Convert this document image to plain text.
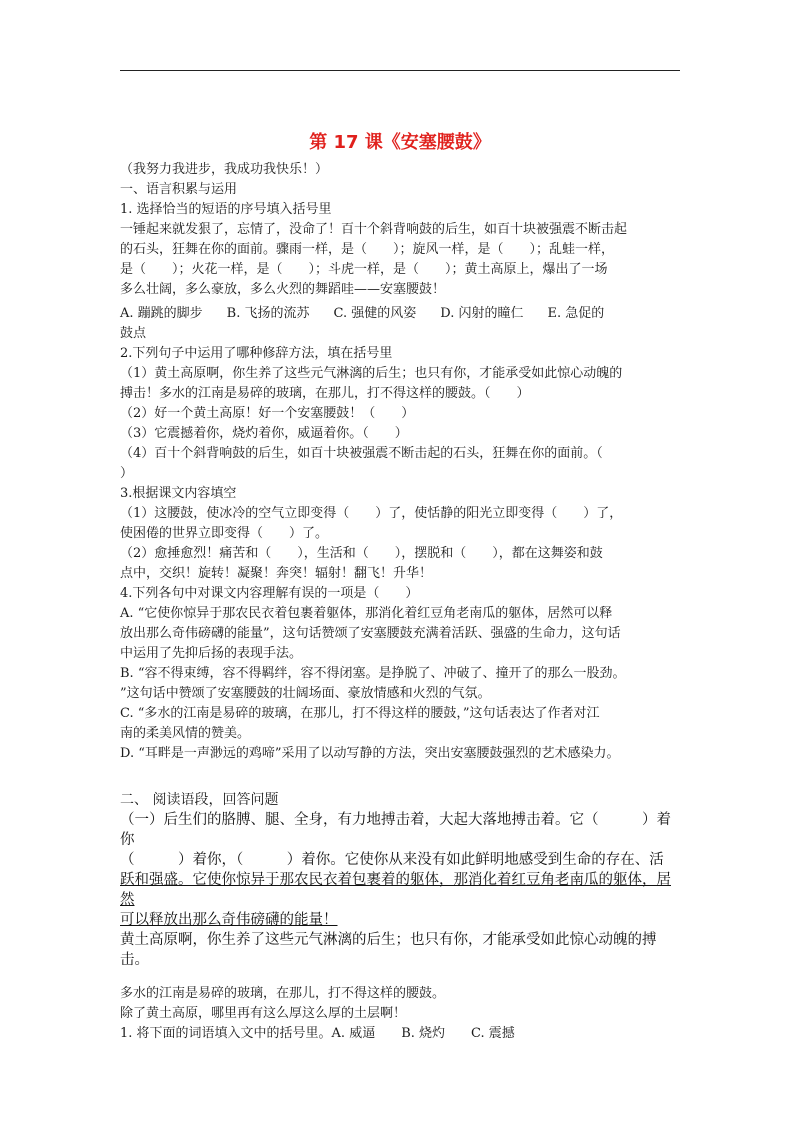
第 17 课《安塞腰鼓》

（我努力我进步，我成功我快乐！）

一、语言积累与运用

1. 选择恰当的短语的序号填入括号里

一锤起来就发狠了，忘情了，没命了！百十个斜背响鼓的后生，如百十块被强震不断击起

的石头，狂舞在你的面前。骤雨一样，是（　　）；旋风一样，是（　　）；乱蛙一样，

是（　　）；火花一样，是（　　）；斗虎一样，是（　　）；黄土高原上，爆出了一场

多么壮阔，多么豪放，多么火烈的舞蹈哇——安塞腰鼓！

A. 蹦跳的脚步 B. 飞扬的流苏 C. 强健的风姿 D. 闪射的瞳仁 E. 急促的

鼓点

2.下列句子中运用了哪种修辞方法，填在括号里

（1）黄土高原啊，你生养了这些元气淋漓的后生；也只有你，才能承受如此惊心动魄的

搏击！多水的江南是易碎的玻璃，在那儿，打不得这样的腰鼓。（　　）

（2）好一个黄土高原！好一个安塞腰鼓！（　　）

（3）它震撼着你，烧灼着你，威逼着你。（　　）

（4）百十个斜背响鼓的后生，如百十块被强震不断击起的石头，狂舞在你的面前。（

）

3.根据课文内容填空

（1）这腰鼓，使冰冷的空气立即变得（　　）了，使恬静的阳光立即变得（　　）了，

使困倦的世界立即变得（　　）了。

（2）愈捶愈烈！痛苦和（　　），生活和（　　），摆脱和（　　），都在这舞姿和鼓

点中，交织！旋转！凝聚！奔突！辐射！翻飞！升华！

4.下列各句中对课文内容理解有误的一项是（　　）

A. “它使你惊异于那农民衣着包裹着躯体，那消化着红豆角老南瓜的躯体，居然可以释

放出那么奇伟磅礴的能量”，这句话赞颂了安塞腰鼓充满着活跃、强盛的生命力，这句话

中运用了先抑后扬的表现手法。

B. “容不得束缚，容不得羁绊，容不得闭塞。是挣脱了、冲破了、撞开了的那么一股劲。

”这句话中赞颂了安塞腰鼓的壮阔场面、豪放情感和火烈的气氛。

C. “多水的江南是易碎的玻璃，在那儿，打不得这样的腰鼓，”这句话表达了作者对江

南的柔美风情的赞美。

D. “耳畔是一声渺远的鸡啼”采用了以动写静的方法，突出安塞腰鼓强烈的艺术感染力。

二、 阅读语段，回答问题

（一）后生们的胳膊、腿、全身，有力地搏击着，大起大落地搏击着。它（　　　）着你

（　　　）着你，（　　　）着你。它使你从来没有如此鲜明地感受到生命的存在、活

跃和强盛。它使你惊异于那农民衣着包裹着的躯体，那消化着红豆角老南瓜的躯体，居然

可以释放出那么奇伟磅礴的能量！

黄土高原啊，你生养了这些元气淋漓的后生；也只有你，才能承受如此惊心动魄的搏击。

多水的江南是易碎的玻璃，在那儿，打不得这样的腰鼓。

除了黄土高原，哪里再有这么厚这么厚的土层啊！

1. 将下面的词语填入文中的括号里。A. 威逼　　B. 烧灼　　C. 震撼
